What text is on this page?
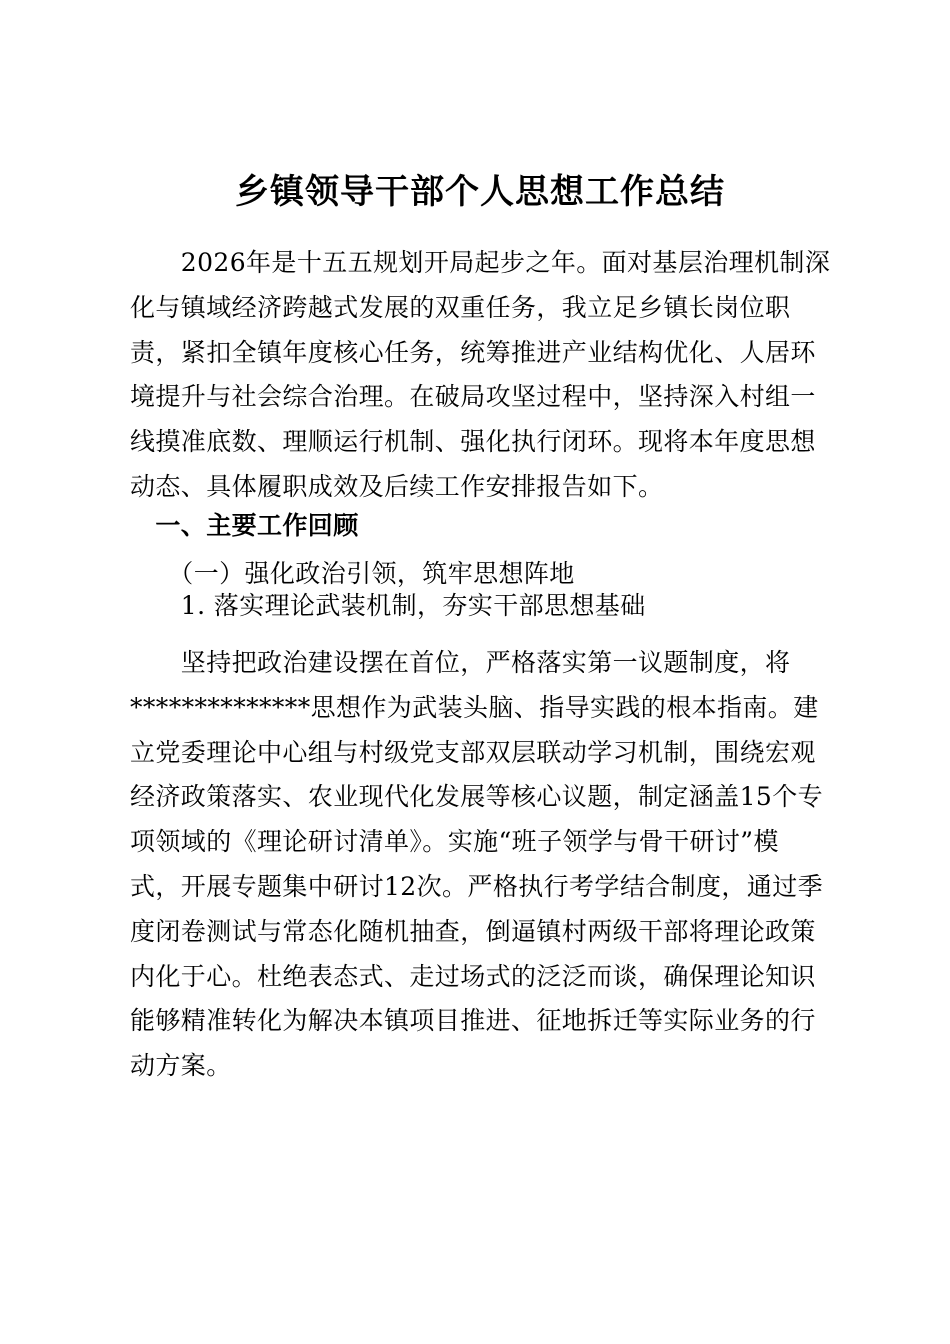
乡镇领导干部个人思想工作总结
　　2026年是十五五规划开局起步之年。面对基层治理机制深
化与镇域经济跨越式发展的双重任务，我立足乡镇长岗位职
责，紧扣全镇年度核心任务，统筹推进产业结构优化、人居环
境提升与社会综合治理。在破局攻坚过程中，坚持深入村组一
线摸准底数、理顺运行机制、强化执行闭环。现将本年度思想
动态、具体履职成效及后续工作安排报告如下。
　一、主要工作回顾
　　（一）强化政治引领，筑牢思想阵地
　　1. 落实理论武装机制，夯实干部思想基础
　　坚持把政治建设摆在首位，严格落实第一议题制度，将
**************思想作为武装头脑、指导实践的根本指南。建
立党委理论中心组与村级党支部双层联动学习机制，围绕宏观
经济政策落实、农业现代化发展等核心议题，制定涵盖15个专
项领域的《理论研讨清单》。实施“班子领学与骨干研讨”模
式，开展专题集中研讨12次。严格执行考学结合制度，通过季
度闭卷测试与常态化随机抽查，倒逼镇村两级干部将理论政策
内化于心。杜绝表态式、走过场式的泛泛而谈，确保理论知识
能够精准转化为解决本镇项目推进、征地拆迁等实际业务的行
动方案。
